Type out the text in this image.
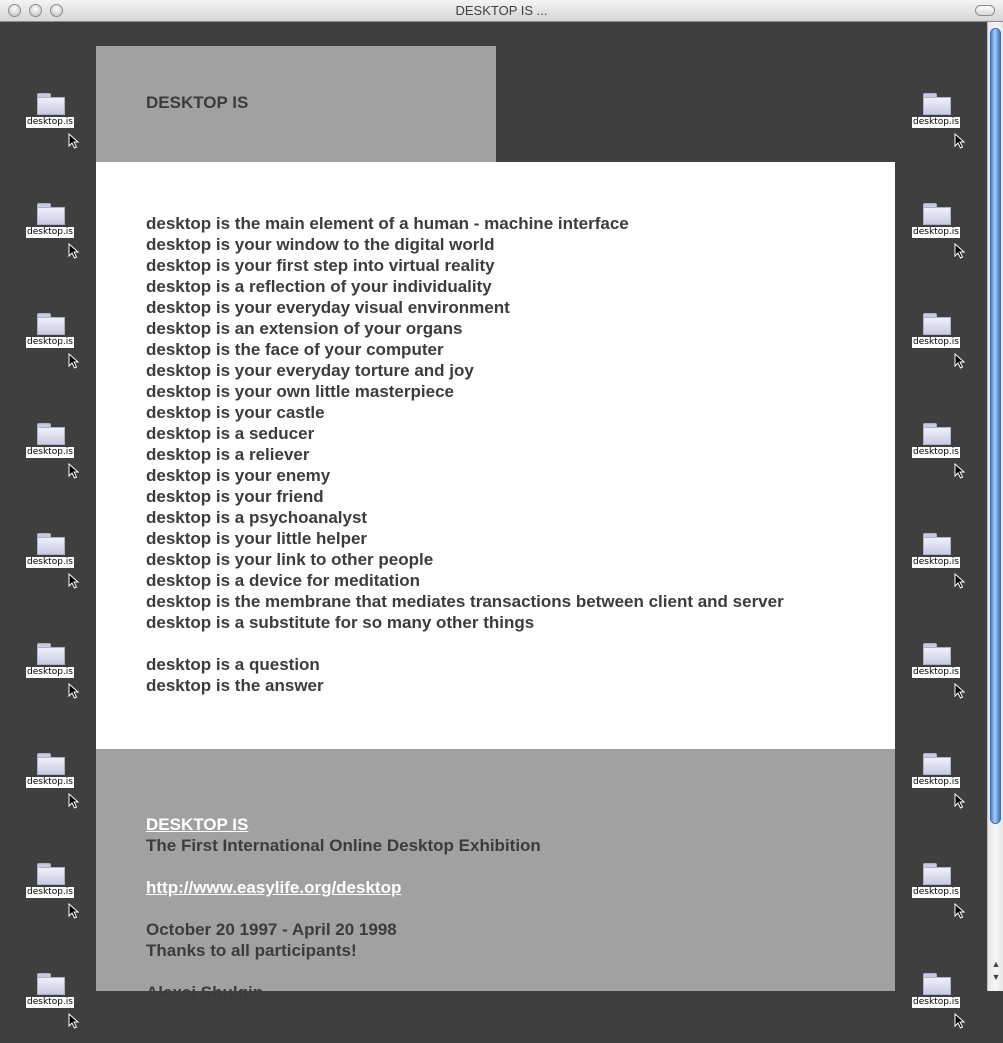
DESKTOP IS ...
desktop.is
desktop.is
desktop.is
desktop.is
desktop.is
desktop.is
desktop.is
desktop.is
desktop.is
desktop.is
desktop.is
desktop.is
desktop.is
desktop.is
desktop.is
desktop.is
desktop.is
desktop.is
DESKTOP IS
desktop is the main element of a human - machine interface
desktop is your window to the digital world
desktop is your first step into virtual reality
desktop is a reflection of your individuality
desktop is your everyday visual environment
desktop is an extension of your organs
desktop is the face of your computer
desktop is your everyday torture and joy
desktop is your own little masterpiece
desktop is your castle
desktop is a seducer
desktop is a reliever
desktop is your enemy
desktop is your friend
desktop is a psychoanalyst
desktop is your little helper
desktop is your link to other people
desktop is a device for meditation
desktop is the membrane that mediates transactions between client and server
desktop is a substitute for so many other things
desktop is a question
desktop is the answer
DESKTOP IS
The First International Online Desktop Exhibition
http://www.easylife.org/desktop
October 20 1997 - April 20 1998
Thanks to all participants!
Alexei Shulgin
▲
▼
